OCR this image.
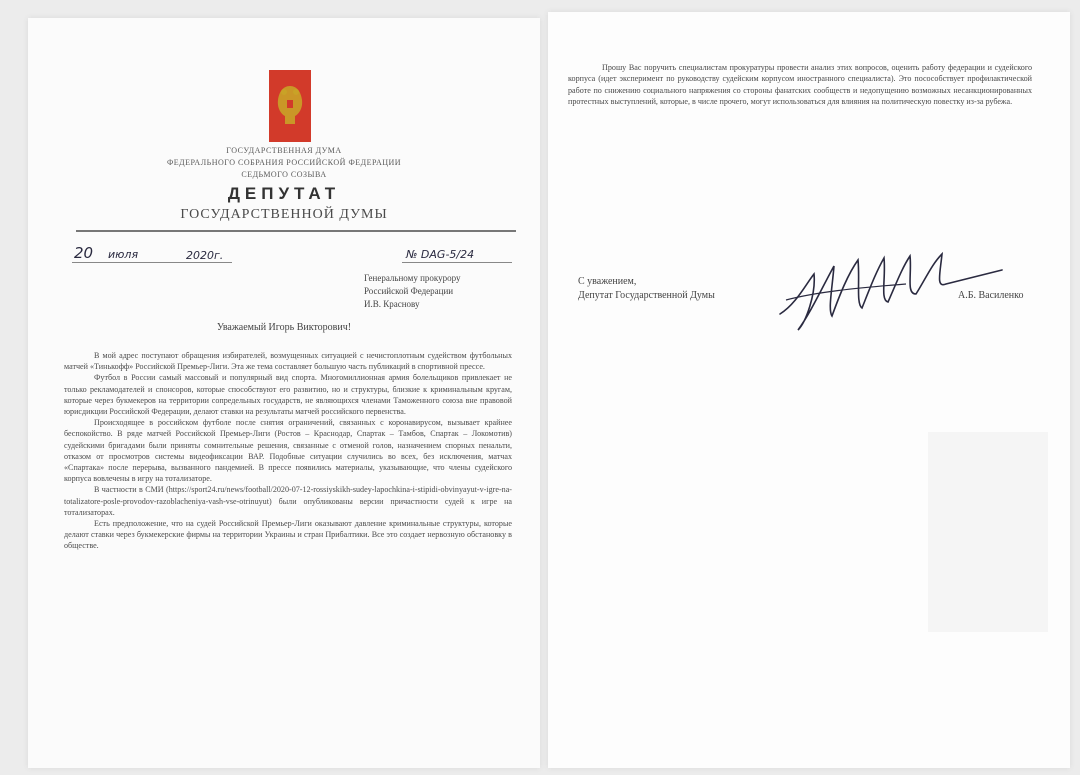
ГОСУДАРСТВЕННАЯ ДУМА
ФЕДЕРАЛЬНОГО СОБРАНИЯ РОССИЙСКОЙ ФЕДЕРАЦИИ
СЕДЬМОГО СОЗЫВА
ДЕПУТАТ
ГОСУДАРСТВЕННОЙ ДУМЫ
20 июля	2020г.	№ DAG-5/24
Генеральному прокурору
Российской Федерации
И.В. Краснову
Уважаемый Игорь Викторович!

В мой адрес поступают обращения избирателей, возмущенных ситуацией с нечистоплотным судейством футбольных матчей «Тинькофф» Российской Премьер-Лиги. Эта же тема составляет большую часть публикаций в спортивной прессе.

Футбол в России самый массовый и популярный вид спорта. Многомиллионная армия болельщиков привлекает не только рекламодателей и спонсоров, которые способствуют его развитию, но и структуры, близкие к криминальным кругам, которые через букмекеров на территории сопредельных государств, не являющихся членами Таможенного союза вне правовой юрисдикции Российской Федерации, делают ставки на результаты матчей российского первенства.

Происходящее в российском футболе после снятия ограничений, связанных с коронавирусом, вызывает крайнее беспокойство. В ряде матчей Российской Премьер-Лиги (Ростов – Краснодар, Спартак – Тамбов, Спартак – Локомотив) судейскими бригадами были приняты сомнительные решения, связанные с отменой голов, назначением спорных пенальти, отказом от просмотров системы видеофиксации ВАР. Подобные ситуации случились во всех, без исключения, матчах «Спартака» после перерыва, вызванного пандемией. В прессе появились материалы, указывающие, что члены судейского корпуса вовлечены в игру на тотализаторе.

В частности в СМИ (https://sport24.ru/news/football/2020-07-12-rossiyskikh-sudey-lapochkina-i-stipidi-obvinyayut-v-igre-na-totalizatore-posle-provodov-razoblacheniya-vash-vse-otrinuyut) были опубликованы версии причастности судей к игре на тотализаторах.

Есть предположение, что на судей Российской Премьер-Лиги оказывают давление криминальные структуры, которые делают ставки через букмекерские фирмы на территории Украины и стран Прибалтики. Все это создает нервозную обстановку в обществе.

Прошу Вас поручить специалистам прокуратуры провести анализ этих вопросов, оценить работу федерации и судейского корпуса (идет эксперимент по руководству судейским корпусом иностранного специалиста). Это посособствует профилактической работе по снижению социального напряжения со стороны фанатских сообществ и недопущению возможных несанкционированных протестных выступлений, которые, в числе прочего, могут использоваться для влияния на политическую повестку из-за рубежа.

С уважением,
Депутат Государственной Думы	А.Б. Василенко
